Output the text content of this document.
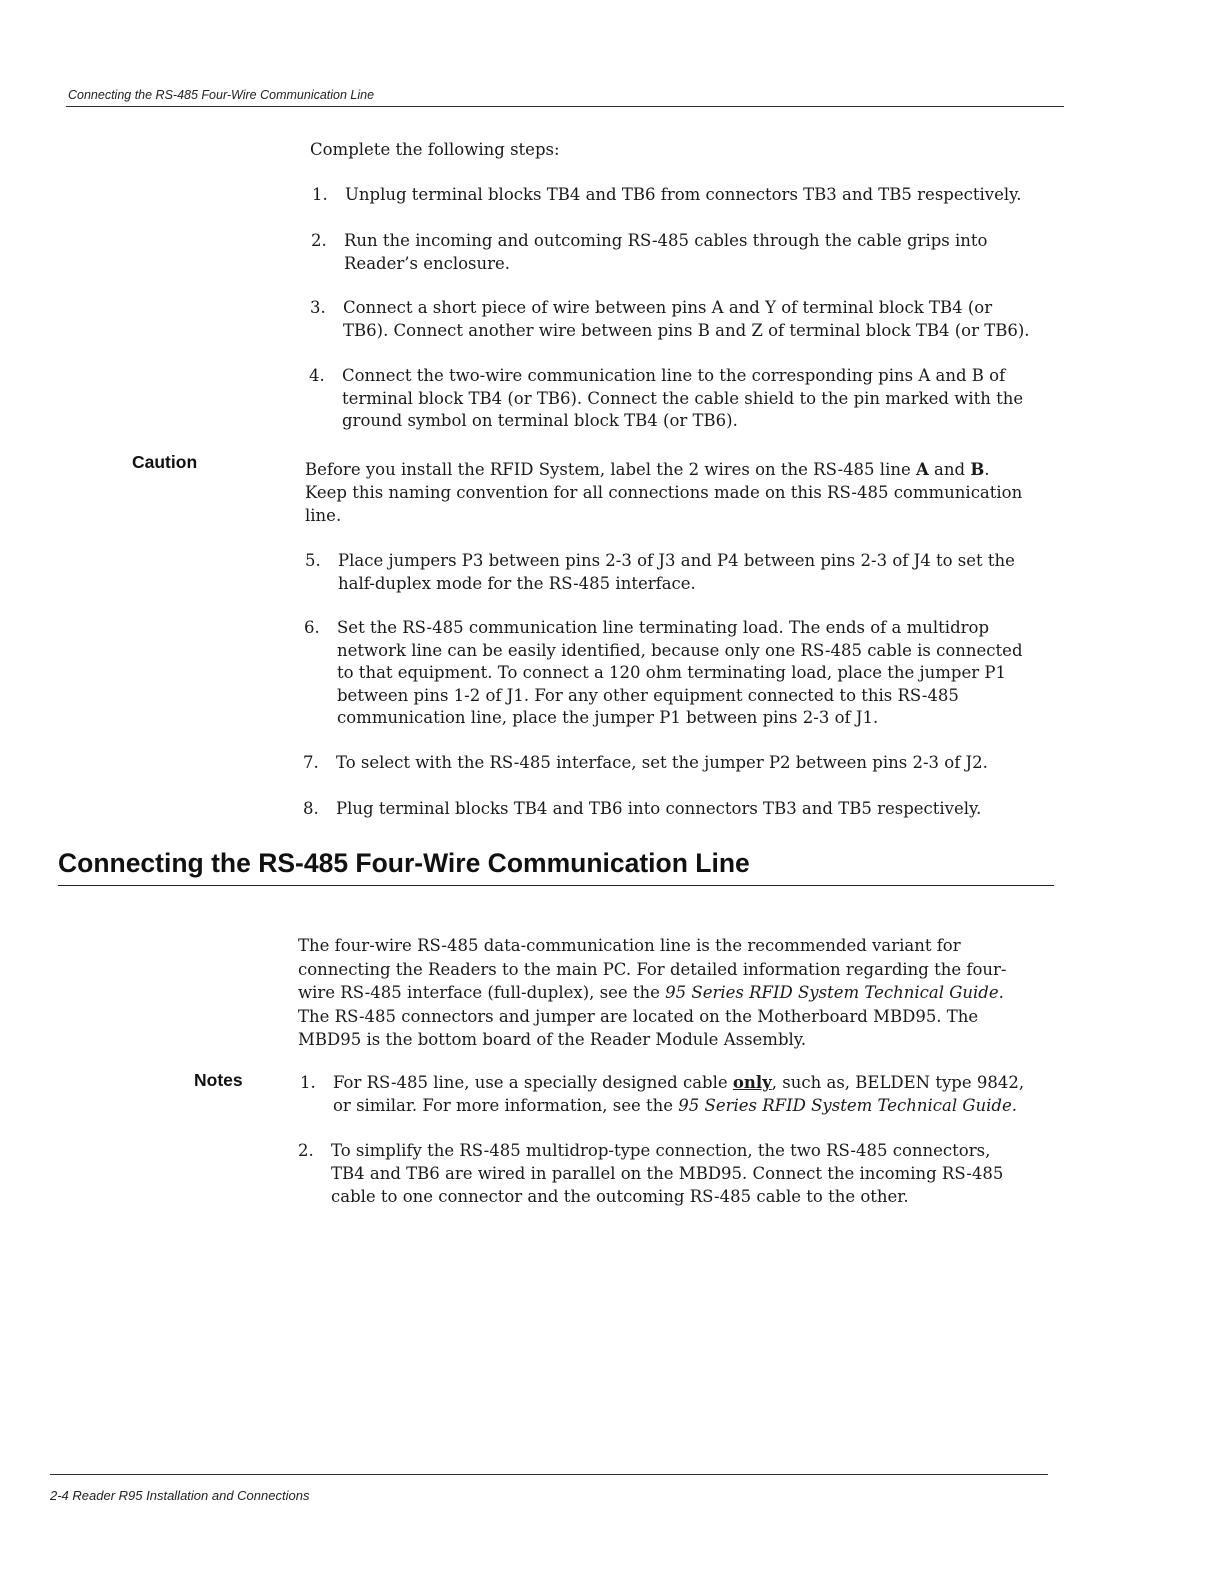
Connecting the RS-485 Four-Wire Communication Line
Complete the following steps:
1. Unplug terminal blocks TB4 and TB6 from connectors TB3 and TB5 respectively.
2. Run the incoming and outcoming RS-485 cables through the cable grips into
Reader’s enclosure.
3. Connect a short piece of wire between pins A and Y of terminal block TB4 (or
TB6). Connect another wire between pins B and Z of terminal block TB4 (or TB6).
4. Connect the two-wire communication line to the corresponding pins A and B of
terminal block TB4 (or TB6). Connect the cable shield to the pin marked with the
ground symbol on terminal block TB4 (or TB6).
Caution	Before you install the RFID System, label the 2 wires on the RS-485 line A and B.
Keep this naming convention for all connections made on this RS-485 communication
line.
5. Place jumpers P3 between pins 2-3 of J3 and P4 between pins 2-3 of J4 to set the
half-duplex mode for the RS-485 interface.
6. Set the RS-485 communication line terminating load. The ends of a multidrop
network line can be easily identified, because only one RS-485 cable is connected
to that equipment. To connect a 120 ohm terminating load, place the jumper P1
between pins 1-2 of J1. For any other equipment connected to this RS-485
communication line, place the jumper P1 between pins 2-3 of J1.
7. To select with the RS-485 interface, set the jumper P2 between pins 2-3 of J2.
8. Plug terminal blocks TB4 and TB6 into connectors TB3 and TB5 respectively.
Connecting the RS-485 Four-Wire Communication Line
The four-wire RS-485 data-communication line is the recommended variant for
connecting the Readers to the main PC. For detailed information regarding the four-
wire RS-485 interface (full-duplex), see the 95 Series RFID System Technical Guide.
The RS-485 connectors and jumper are located on the Motherboard MBD95. The
MBD95 is the bottom board of the Reader Module Assembly.
Notes	1. For RS-485 line, use a specially designed cable only, such as, BELDEN type 9842,
or similar. For more information, see the 95 Series RFID System Technical Guide.
2. To simplify the RS-485 multidrop-type connection, the two RS-485 connectors,
TB4 and TB6 are wired in parallel on the MBD95. Connect the incoming RS-485
cable to one connector and the outcoming RS-485 cable to the other.
2-4 Reader R95 Installation and Connections
